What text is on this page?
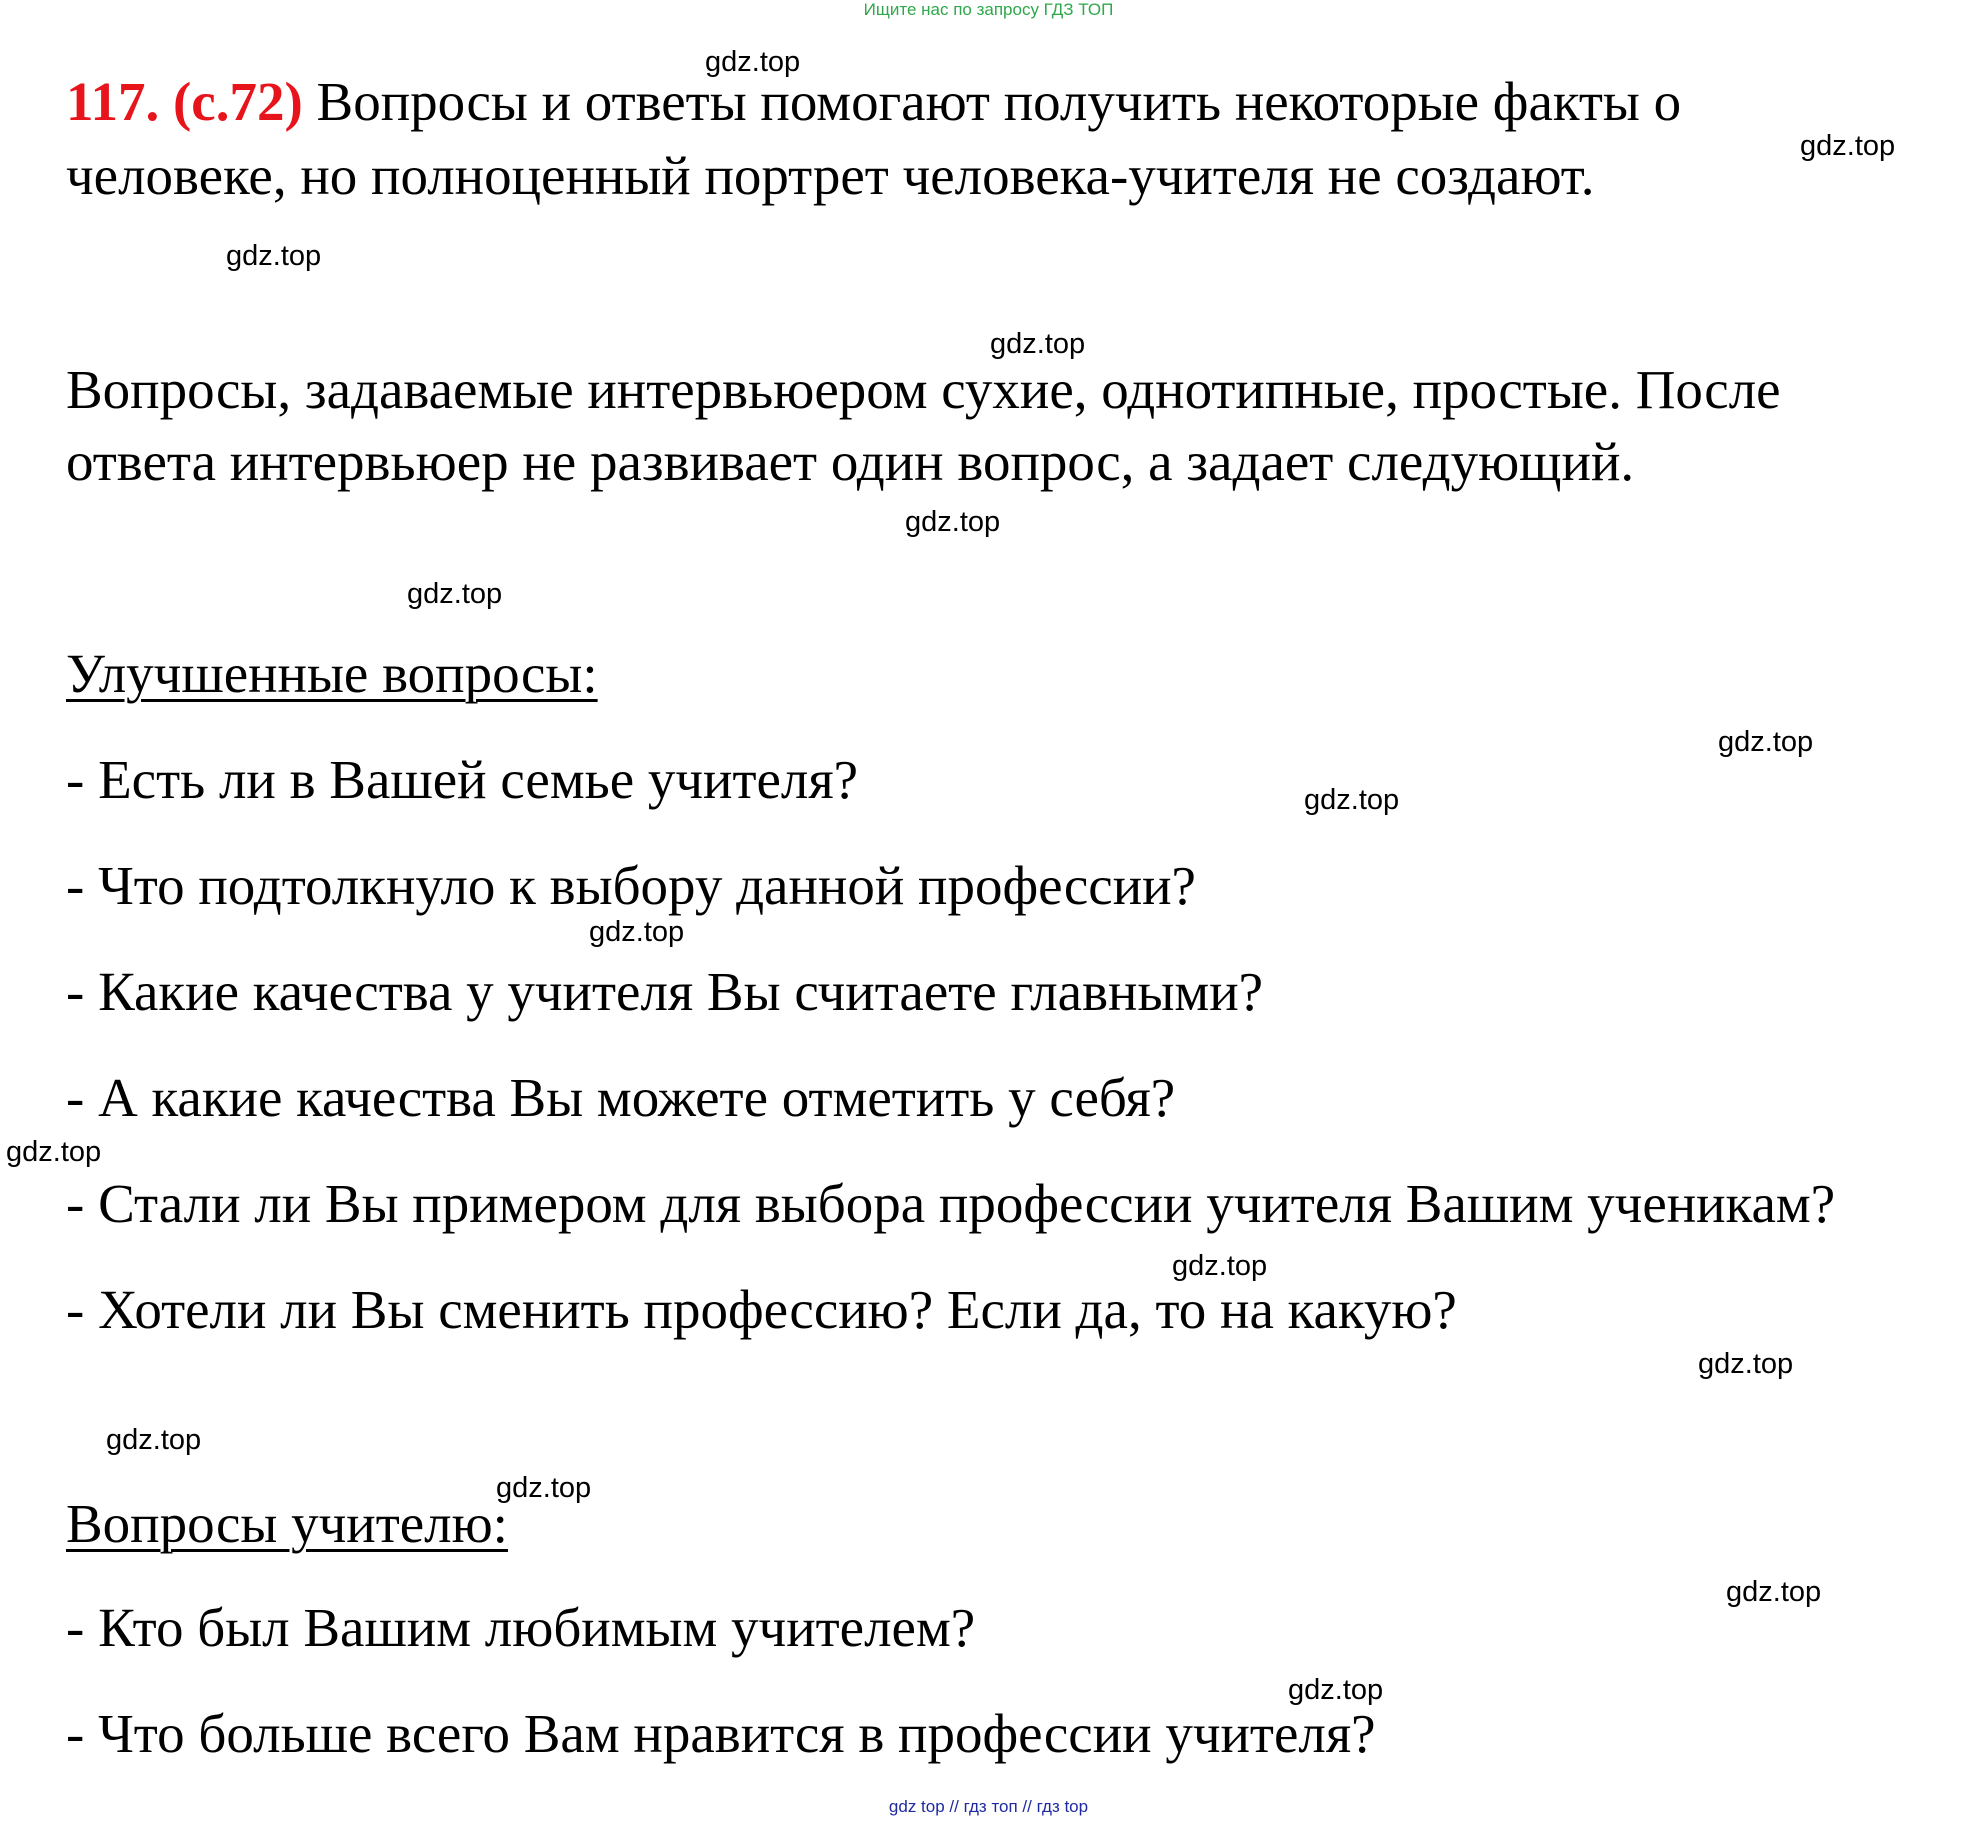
Ищите нас по запросу ГДЗ ТОП
117. (с.72) Вопросы и ответы помогают получить некоторые факты о
человеке, но полноценный портрет человека-учителя не создают.
Вопросы, задаваемые интервьюером сухие, однотипные, простые. После
ответа интервьюер не развивает один вопрос, а задает следующий.
Улучшенные вопросы:
- Есть ли в Вашей семье учителя?
- Что подтолкнуло к выбору данной профессии?
- Какие качества у учителя Вы считаете главными?
- А какие качества Вы можете отметить у себя?
- Стали ли Вы примером для выбора профессии учителя Вашим ученикам?
- Хотели ли Вы сменить профессию? Если да, то на какую?
Вопросы учителю:
- Кто был Вашим любимым учителем?
- Что больше всего Вам нравится в профессии учителя?
gdz.top
gdz.top
gdz.top
gdz.top
gdz.top
gdz.top
gdz.top
gdz.top
gdz.top
gdz.top
gdz.top
gdz.top
gdz.top
gdz.top
gdz.top
gdz.top
gdz top // гдз топ // гдз top
